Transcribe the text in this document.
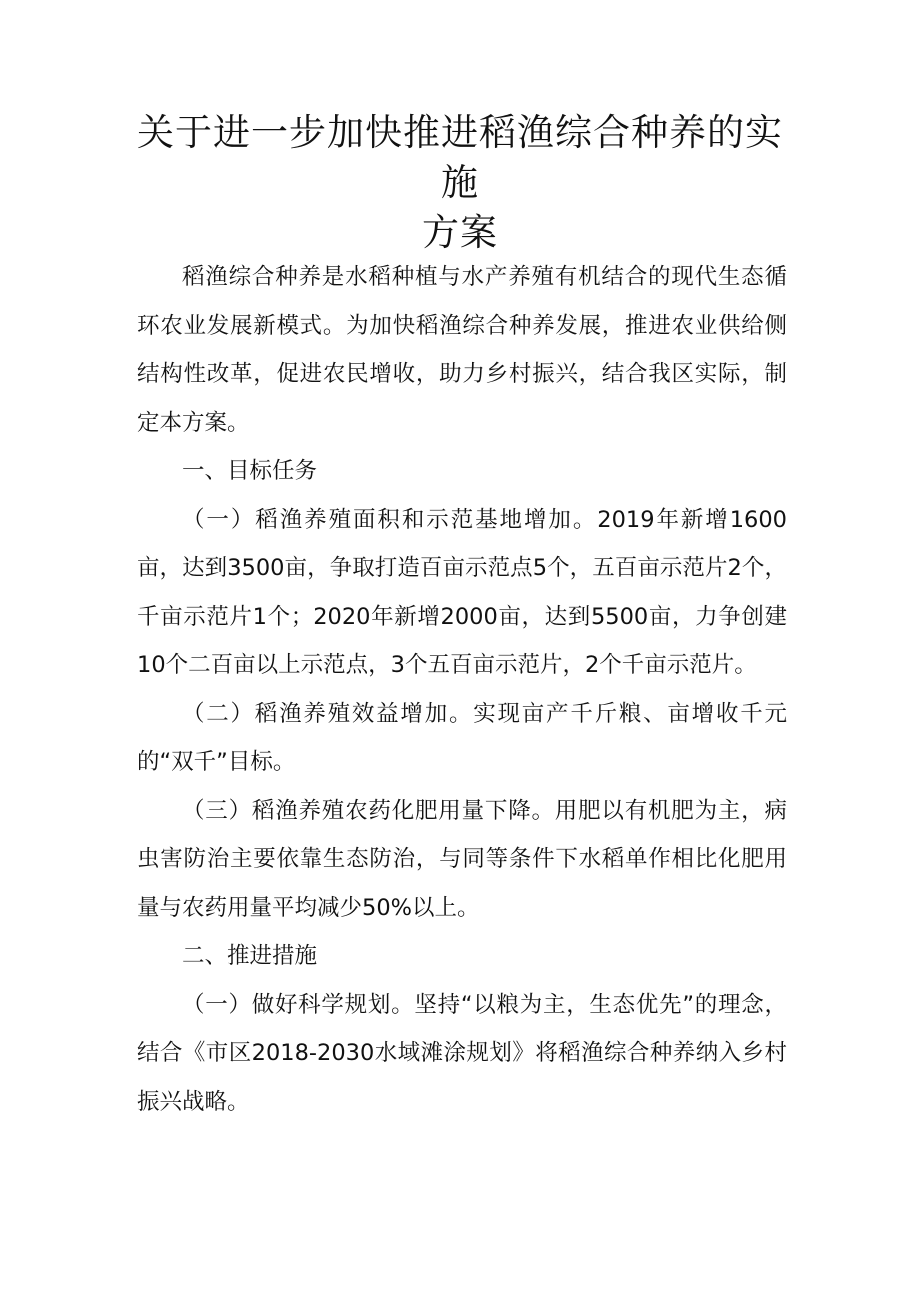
关于进一步加快推进稻渔综合种养的实施
方案

稻渔综合种养是水稻种植与水产养殖有机结合的现代生态循环农业发展新模式。为加快稻渔综合种养发展，推进农业供给侧结构性改革，促进农民增收，助力乡村振兴，结合我区实际，制定本方案。

一、目标任务

（一）稻渔养殖面积和示范基地增加。2019年新增1600亩，达到3500亩，争取打造百亩示范点5个，五百亩示范片2个，千亩示范片1个；2020年新增2000亩，达到5500亩，力争创建10个二百亩以上示范点，3个五百亩示范片，2个千亩示范片。

（二）稻渔养殖效益增加。实现亩产千斤粮、亩增收千元的“双千”目标。

（三）稻渔养殖农药化肥用量下降。用肥以有机肥为主，病虫害防治主要依靠生态防治，与同等条件下水稻单作相比化肥用量与农药用量平均减少50%以上。

二、推进措施

（一）做好科学规划。坚持“以粮为主，生态优先”的理念，结合《市区2018-2030水域滩涂规划》将稻渔综合种养纳入乡村振兴战略。
